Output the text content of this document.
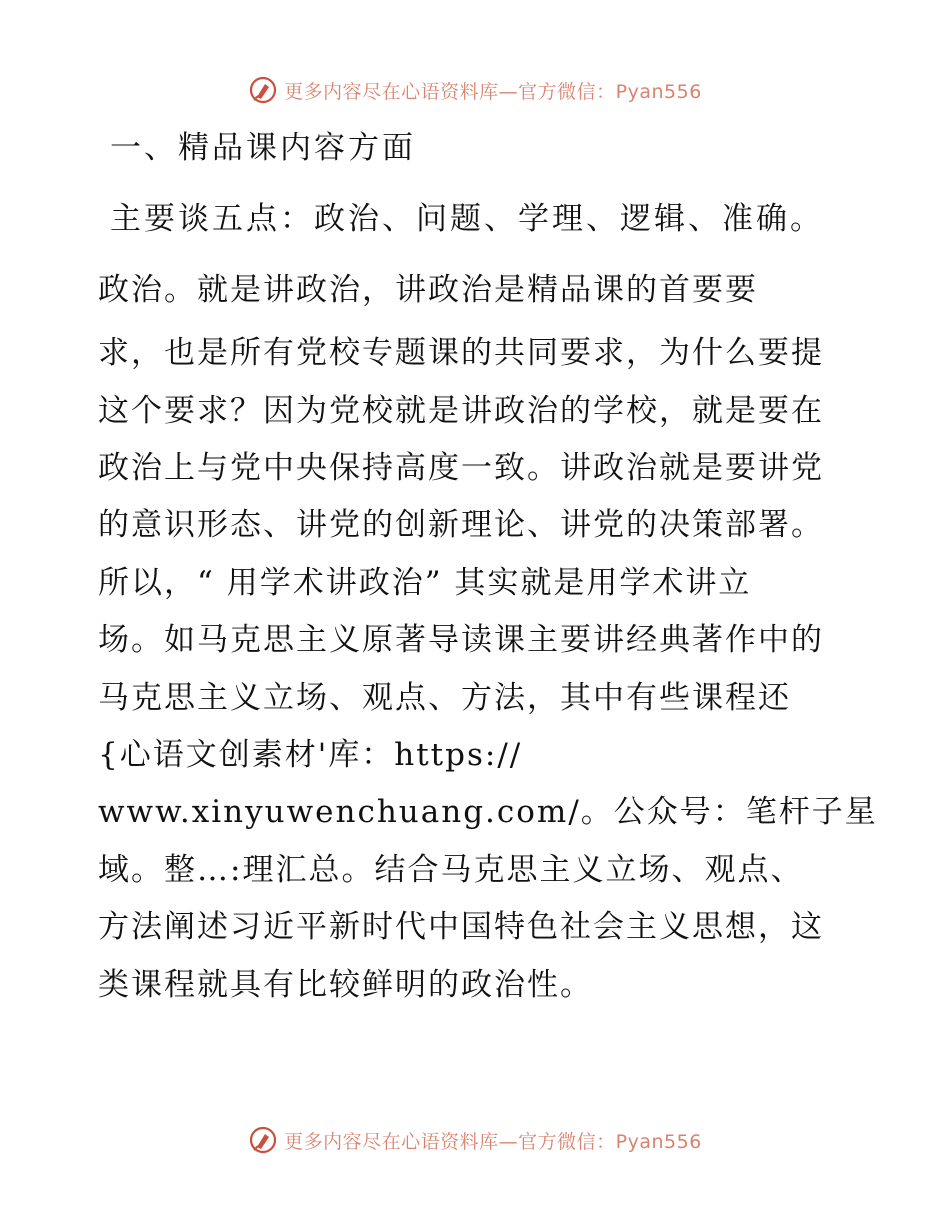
更多内容尽在心语资料库—官方微信：Pyan556
一、精品课内容方面
主要谈五点：政治、问题、学理、逻辑、准确。
政治。就是讲政治，讲政治是精品课的首要要
求，也是所有党校专题课的共同要求，为什么要提
这个要求？因为党校就是讲政治的学校，就是要在
政治上与党中央保持高度一致。讲政治就是要讲党
的意识形态、讲党的创新理论、讲党的决策部署。
所以，“ 用学术讲政治” 其实就是用学术讲立
场。如马克思主义原著导读课主要讲经典著作中的
马克思主义立场、观点、方法，其中有些课程还
{心语文创素材'库：https://
www.xinyuwenchuang.com/。公众号：笔杆子星
域。整…:理汇总。结合马克思主义立场、观点、
方法阐述习近平新时代中国特色社会主义思想，这
类课程就具有比较鲜明的政治性。
更多内容尽在心语资料库—官方微信：Pyan556
